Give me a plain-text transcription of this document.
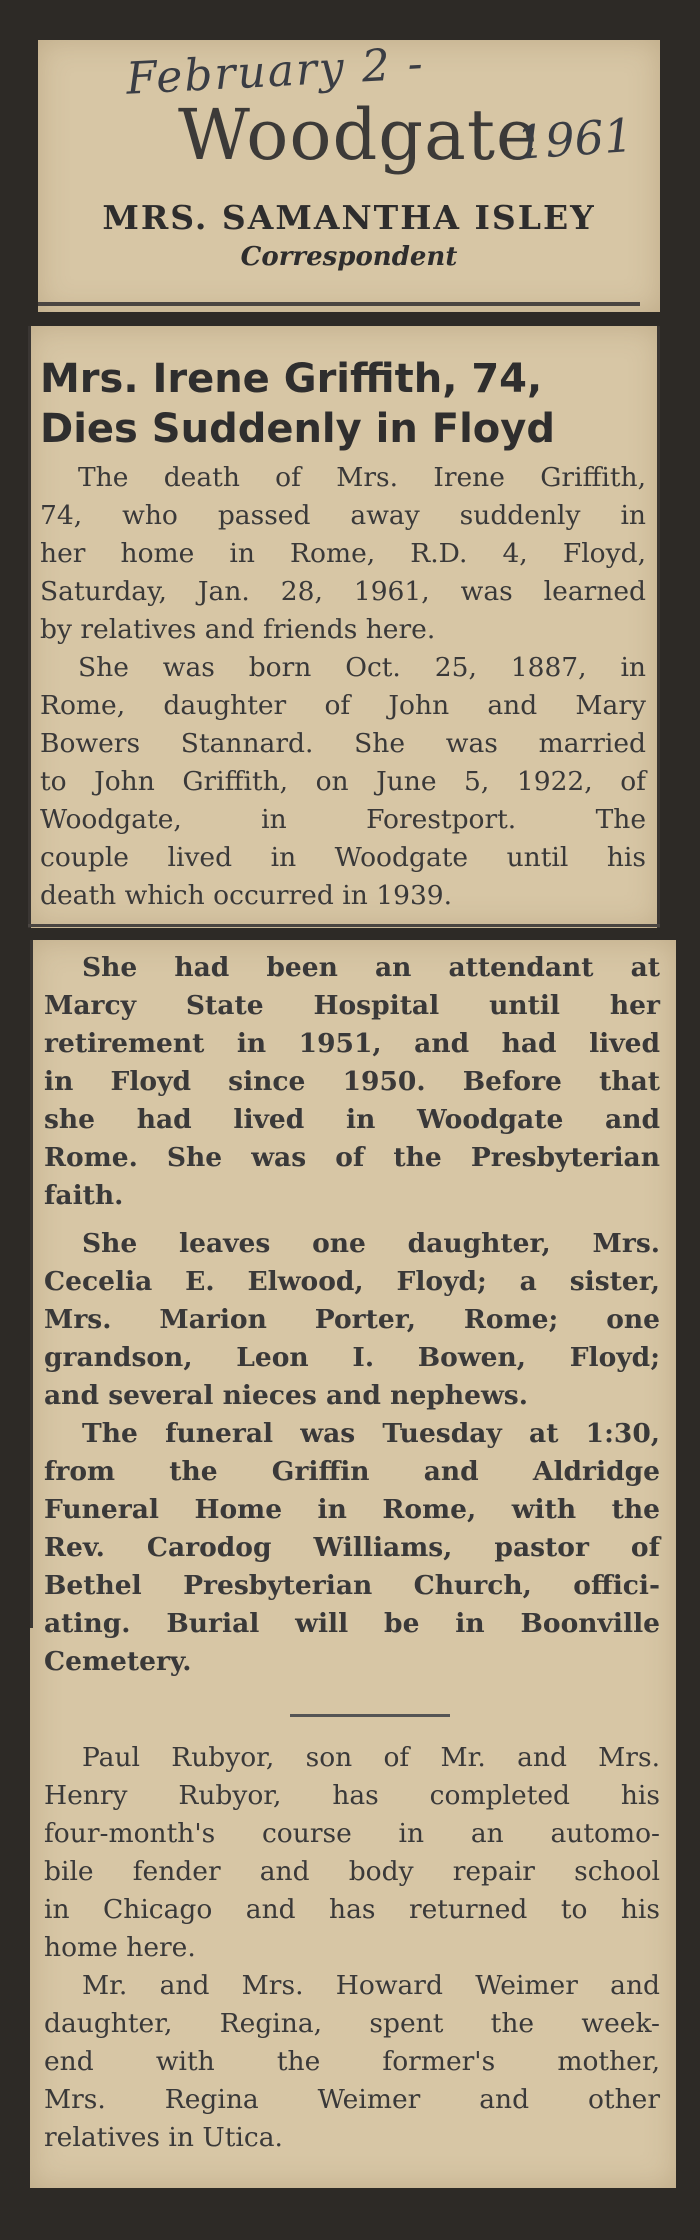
February 2 -
Woodgate
1961
MRS. SAMANTHA ISLEY
Correspondent
Mrs. Irene Griffith, 74,
Dies Suddenly in Floyd
The death of Mrs. Irene Griffith,
74, who passed away suddenly in
her home in Rome, R.D. 4, Floyd,
Saturday, Jan. 28, 1961, was learned
by relatives and friends here.
She was born Oct. 25, 1887, in
Rome, daughter of John and Mary
Bowers Stannard. She was married
to John Griffith, on June 5, 1922, of
Woodgate, in Forestport. The
couple lived in Woodgate until his
death which occurred in 1939.
She had been an attendant at
Marcy State Hospital until her
retirement in 1951, and had lived
in Floyd since 1950. Before that
she had lived in Woodgate and
Rome. She was of the Presbyterian
faith.
She leaves one daughter, Mrs.
Cecelia E. Elwood, Floyd; a sister,
Mrs. Marion Porter, Rome; one
grandson, Leon I. Bowen, Floyd;
and several nieces and nephews.
The funeral was Tuesday at 1:30,
from the Griffin and Aldridge
Funeral Home in Rome, with the
Rev. Carodog Williams, pastor of
Bethel Presbyterian Church, offici-
ating. Burial will be in Boonville
Cemetery.
Paul Rubyor, son of Mr. and Mrs.
Henry Rubyor, has completed his
four-month's course in an automo-
bile fender and body repair school
in Chicago and has returned to his
home here.
Mr. and Mrs. Howard Weimer and
daughter, Regina, spent the week-
end with the former's mother,
Mrs. Regina Weimer and other
relatives in Utica.
